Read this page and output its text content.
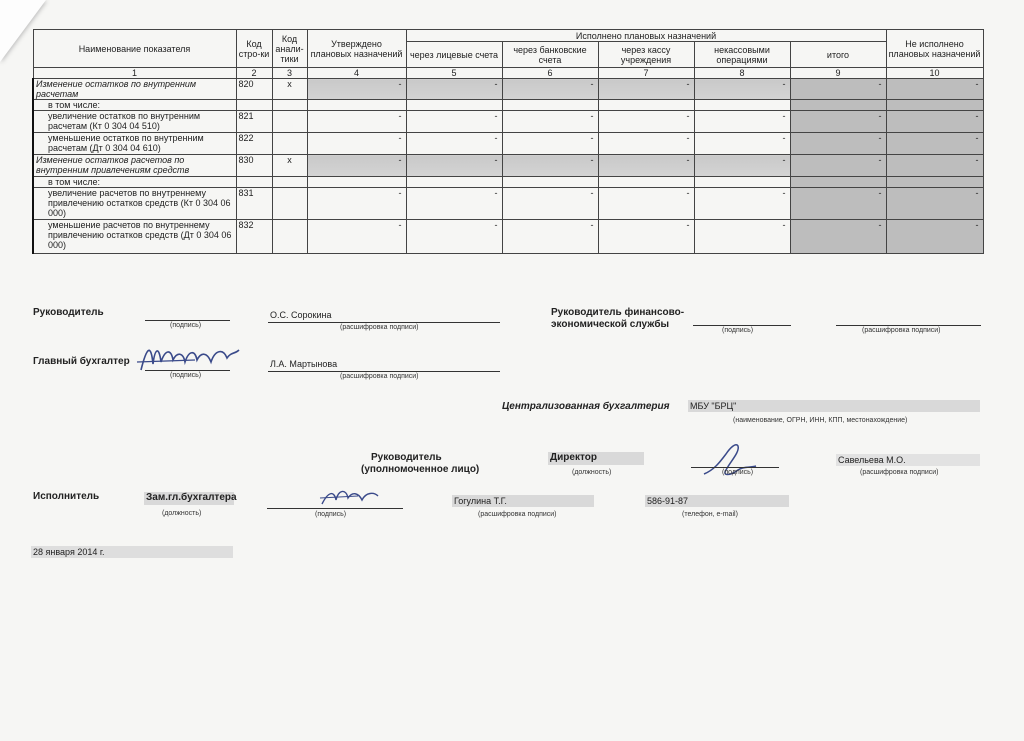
Наименование показателя	Код стро-ки	Код анали-тики	Утверждено плановых назначений	Исполнено плановых назначений					Не исполнено плановых назначений
				через лицевые счета	через банковские счета	через кассу учреждения	некассовыми операциями	итого	
1	2	3	4	5	6	7	8	9	10
Изменение остатков по внутренним расчетам	820	x	-	-	-	-	-	-	-
в том числе:									
увеличение остатков по внутренним расчетам (Кт 0 304 04 510)	821		-	-	-	-	-	-	-
уменьшение остатков по внутренним расчетам (Дт 0 304 04 610)	822		-	-	-	-	-	-	-
Изменение остатков расчетов по внутренним привлечениям средств	830	x	-	-	-	-	-	-	-
в том числе:									
увеличение расчетов по внутреннему привлечению остатков средств (Кт 0 304 06 000)	831		-	-	-	-	-	-	-
уменьшение расчетов по внутреннему привлечению остатков средств (Дт 0 304 06 000)	832		-	-	-	-	-	-	-
Руководитель
(подпись)
О.С. Сорокина
(расшифровка подписи)
Руководитель финансово-экономической службы
(подпись)	(расшифровка подписи)
Главный бухгалтер
(подпись)
Л.А. Мартынова
(расшифровка подписи)
Централизованная бухгалтерия МБУ "БРЦ"
(наименование, ОГРН, ИНН, КПП, местонахождение)
Руководитель
(уполномоченное лицо)
Директор
(должность)	(подпись)
Савельева М.О.
(расшифровка подписи)
Исполнитель	Зам.гл.бухгалтера
(должность)	(подпись)
Гогулина Т.Г.
(расшифровка подписи)
586-91-87
(телефон, e-mail)
28 января 2014 г.
